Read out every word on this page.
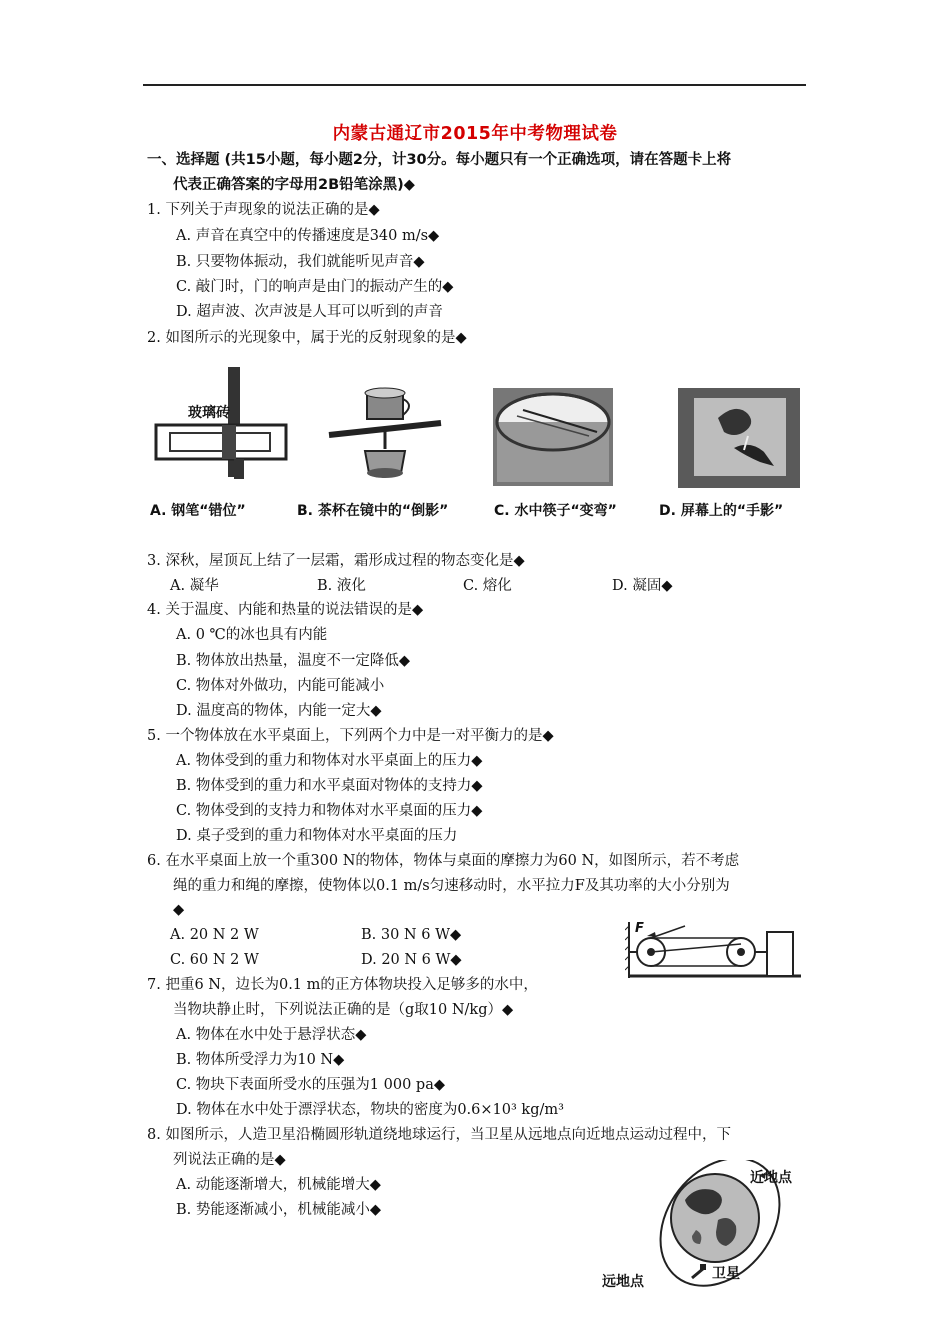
内蒙古通辽市2015年中考物理试卷
一、选择题 (共15小题，每小题2分，计30分。每小题只有一个正确选项，请在答题卡上将
代表正确答案的字母用2B铅笔涂黑)◆
1. 下列关于声现象的说法正确的是◆
A. 声音在真空中的传播速度是340 m/s◆
B. 只要物体振动，我们就能听见声音◆
C. 敲门时，门的响声是由门的振动产生的◆
D. 超声波、次声波是人耳可以听到的声音
2. 如图所示的光现象中，属于光的反射现象的是◆
玻璃砖
A. 钢笔“错位”	B. 茶杯在镜中的“倒影”	C. 水中筷子“变弯”	D. 屏幕上的“手影”
3. 深秋，屋顶瓦上结了一层霜，霜形成过程的物态变化是◆
A. 凝华	B. 液化	C. 熔化	D. 凝固◆
4. 关于温度、内能和热量的说法错误的是◆
A. 0 ℃的冰也具有内能
B. 物体放出热量，温度不一定降低◆
C. 物体对外做功，内能可能减小
D. 温度高的物体，内能一定大◆
5. 一个物体放在水平桌面上，下列两个力中是一对平衡力的是◆
A. 物体受到的重力和物体对水平桌面上的压力◆
B. 物体受到的重力和水平桌面对物体的支持力◆
C. 物体受到的支持力和物体对水平桌面的压力◆
D. 桌子受到的重力和物体对水平桌面的压力
6. 在水平桌面上放一个重300 N的物体，物体与桌面的摩擦力为60 N，如图所示，若不考虑
绳的重力和绳的摩擦，使物体以0.1 m/s匀速移动时，水平拉力F及其功率的大小分别为
◆
A. 20 N 2 W	B. 30 N 6 W◆
C. 60 N 2 W	D. 20 N 6 W◆
F
7. 把重6 N，边长为0.1 m的正方体物块投入足够多的水中，
当物块静止时，下列说法正确的是（g取10 N/kg）◆
A. 物体在水中处于悬浮状态◆
B. 物体所受浮力为10 N◆
C. 物块下表面所受水的压强为1 000 pa◆
D. 物体在水中处于漂浮状态，物块的密度为0.6×10³ kg/m³
8. 如图所示，人造卫星沿椭圆形轨道绕地球运行，当卫星从远地点向近地点运动过程中，下
列说法正确的是◆
A. 动能逐渐增大，机械能增大◆
B. 势能逐渐减小，机械能减小◆
近地点
卫星
远地点
